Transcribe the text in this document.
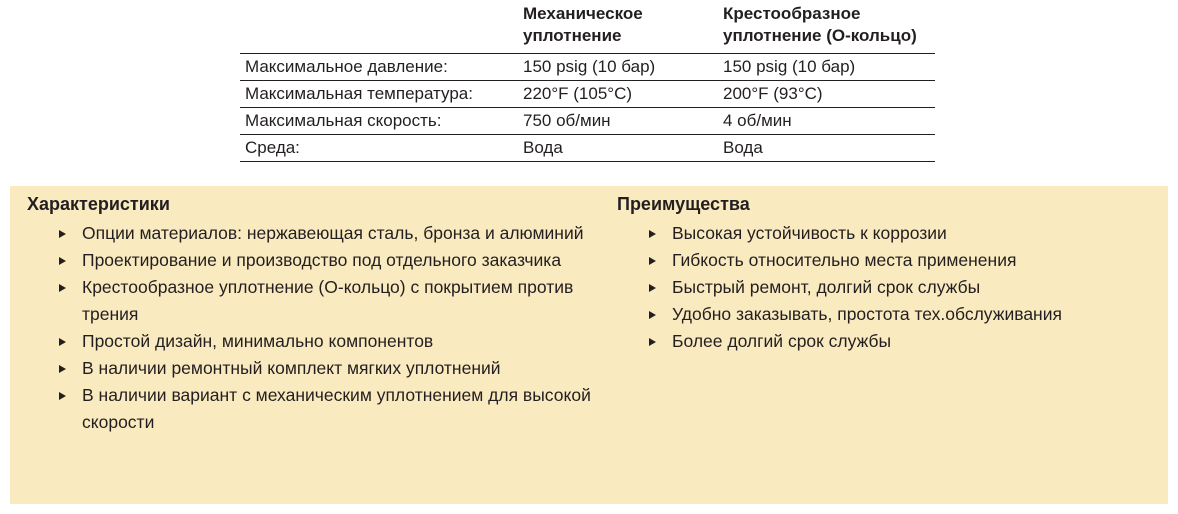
	Механическое уплотнение	Крестообразное уплотнение (О-кольцо)
Максимальное давление:	150 psig (10 бар)	150 psig (10 бар)
Максимальная температура:	220°F (105°C)	200°F (93°C)
Максимальная скорость:	750 об/мин	4 об/мин
Среда:	Вода	Вода
Характеристики
Опции материалов: нержавеющая сталь, бронза и алюминий
Проектирование и производство под отдельного заказчика
Крестообразное уплотнение (О-кольцо) с покрытием против трения
Простой дизайн, минимально компонентов
В наличии ремонтный комплект мягких уплотнений
В наличии вариант с механическим уплотнением для высокой скорости
Преимущества
Высокая устойчивость к коррозии
Гибкость относительно места применения
Быстрый ремонт, долгий срок службы
Удобно заказывать, простота тех.обслуживания
Более долгий срок службы
